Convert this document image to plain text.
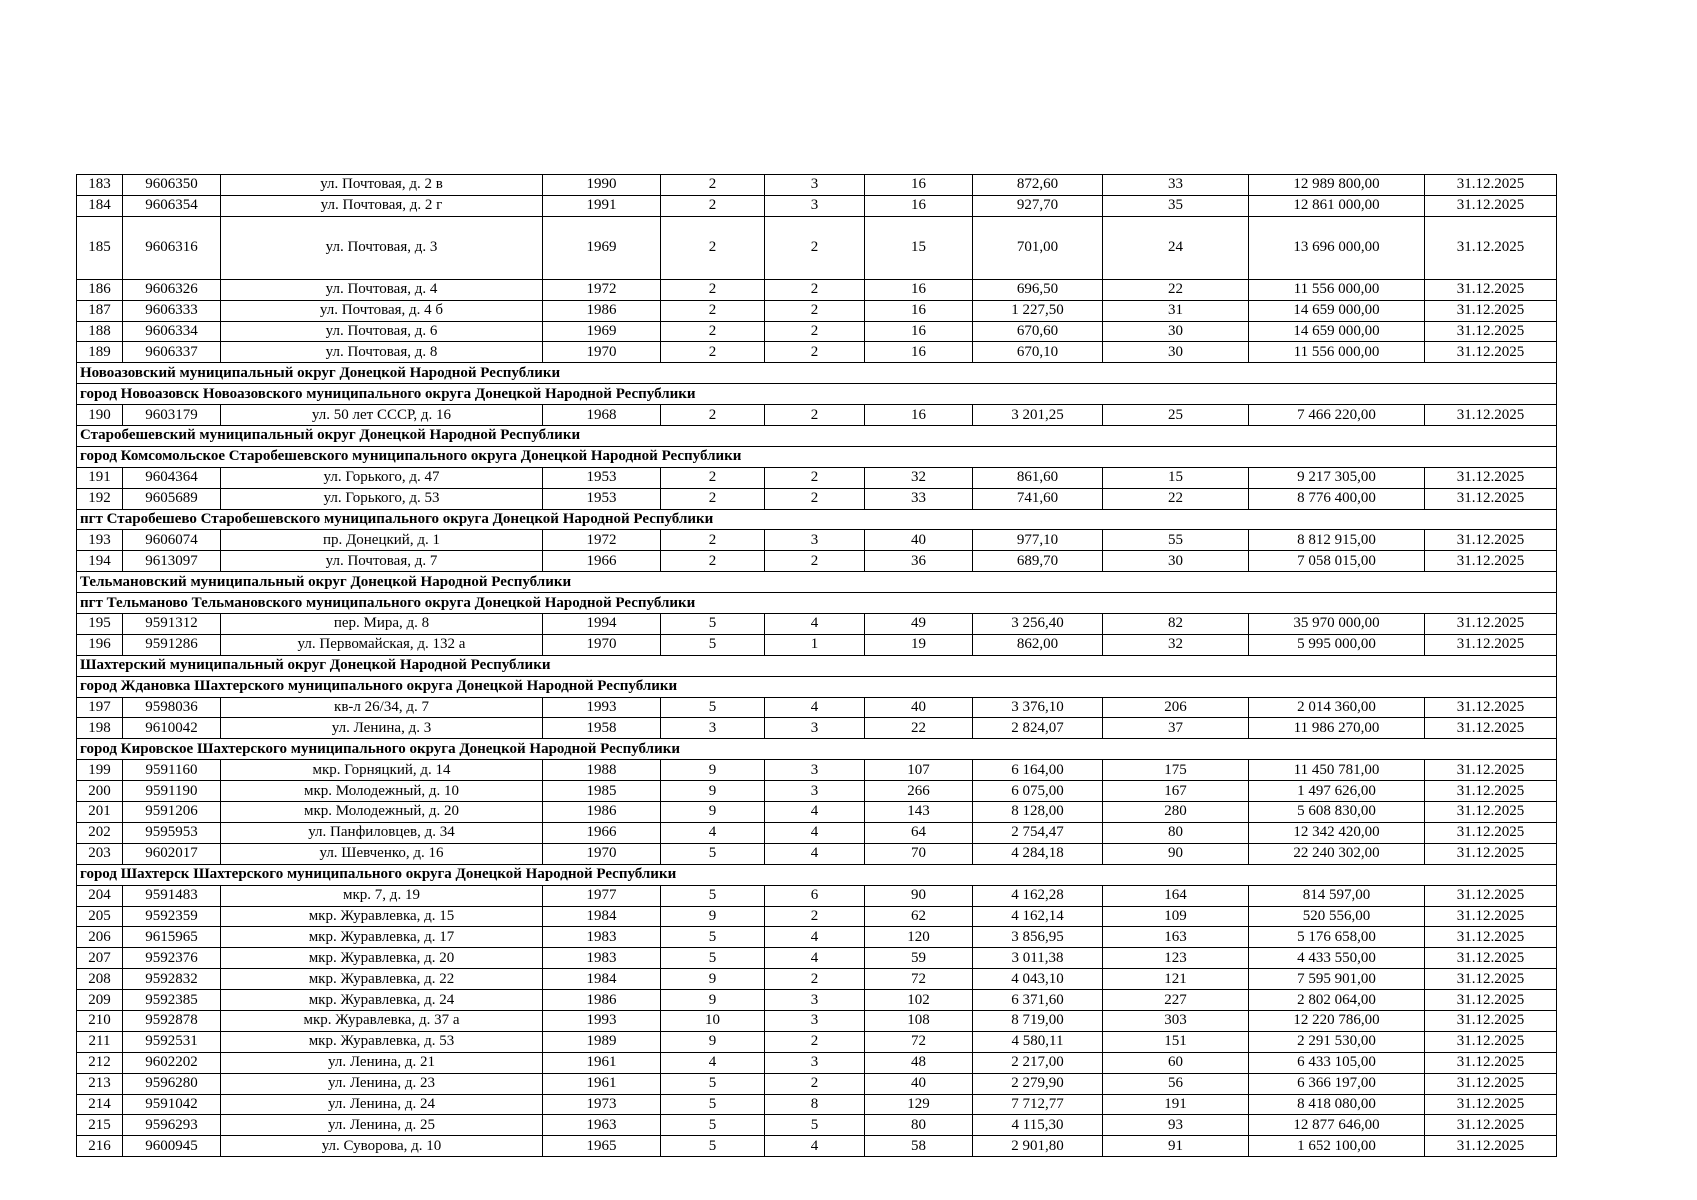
183	9606350	ул. Почтовая, д. 2 в	1990	2	3	16	872,60	33	12 989 800,00	31.12.2025
184	9606354	ул. Почтовая, д. 2 г	1991	2	3	16	927,70	35	12 861 000,00	31.12.2025
185	9606316	ул. Почтовая, д. 3	1969	2	2	15	701,00	24	13 696 000,00	31.12.2025
186	9606326	ул. Почтовая, д. 4	1972	2	2	16	696,50	22	11 556 000,00	31.12.2025
187	9606333	ул. Почтовая, д. 4 б	1986	2	2	16	1 227,50	31	14 659 000,00	31.12.2025
188	9606334	ул. Почтовая, д. 6	1969	2	2	16	670,60	30	14 659 000,00	31.12.2025
189	9606337	ул. Почтовая, д. 8	1970	2	2	16	670,10	30	11 556 000,00	31.12.2025
Новоазовский муниципальный округ Донецкой Народной Республики										
город Новоазовск Новоазовского муниципального округа Донецкой Народной Республики										
190	9603179	ул. 50 лет СССР, д. 16	1968	2	2	16	3 201,25	25	7 466 220,00	31.12.2025
Старобешевский муниципальный округ Донецкой Народной Республики										
город Комсомольское Старобешевского муниципального округа Донецкой Народной Республики										
191	9604364	ул. Горького, д. 47	1953	2	2	32	861,60	15	9 217 305,00	31.12.2025
192	9605689	ул. Горького, д. 53	1953	2	2	33	741,60	22	8 776 400,00	31.12.2025
пгт Старобешево Старобешевского муниципального округа Донецкой Народной Республики										
193	9606074	пр. Донецкий, д. 1	1972	2	3	40	977,10	55	8 812 915,00	31.12.2025
194	9613097	ул. Почтовая, д. 7	1966	2	2	36	689,70	30	7 058 015,00	31.12.2025
Тельмановский муниципальный округ Донецкой Народной Республики										
пгт Тельманово Тельмановского муниципального округа Донецкой Народной Республики										
195	9591312	пер. Мира, д. 8	1994	5	4	49	3 256,40	82	35 970 000,00	31.12.2025
196	9591286	ул. Первомайская, д. 132 а	1970	5	1	19	862,00	32	5 995 000,00	31.12.2025
Шахтерский муниципальный округ Донецкой Народной Республики										
город Ждановка Шахтерского муниципального округа Донецкой Народной Республики										
197	9598036	кв-л 26/34, д. 7	1993	5	4	40	3 376,10	206	2 014 360,00	31.12.2025
198	9610042	ул. Ленина, д. 3	1958	3	3	22	2 824,07	37	11 986 270,00	31.12.2025
город Кировское Шахтерского муниципального округа Донецкой Народной Республики										
199	9591160	мкр. Горняцкий, д. 14	1988	9	3	107	6 164,00	175	11 450 781,00	31.12.2025
200	9591190	мкр. Молодежный, д. 10	1985	9	3	266	6 075,00	167	1 497 626,00	31.12.2025
201	9591206	мкр. Молодежный, д. 20	1986	9	4	143	8 128,00	280	5 608 830,00	31.12.2025
202	9595953	ул. Панфиловцев, д. 34	1966	4	4	64	2 754,47	80	12 342 420,00	31.12.2025
203	9602017	ул. Шевченко, д. 16	1970	5	4	70	4 284,18	90	22 240 302,00	31.12.2025
город Шахтерск Шахтерского муниципального округа Донецкой Народной Республики										
204	9591483	мкр. 7, д. 19	1977	5	6	90	4 162,28	164	814 597,00	31.12.2025
205	9592359	мкр. Журавлевка, д. 15	1984	9	2	62	4 162,14	109	520 556,00	31.12.2025
206	9615965	мкр. Журавлевка, д. 17	1983	5	4	120	3 856,95	163	5 176 658,00	31.12.2025
207	9592376	мкр. Журавлевка, д. 20	1983	5	4	59	3 011,38	123	4 433 550,00	31.12.2025
208	9592832	мкр. Журавлевка, д. 22	1984	9	2	72	4 043,10	121	7 595 901,00	31.12.2025
209	9592385	мкр. Журавлевка, д. 24	1986	9	3	102	6 371,60	227	2 802 064,00	31.12.2025
210	9592878	мкр. Журавлевка, д. 37 а	1993	10	3	108	8 719,00	303	12 220 786,00	31.12.2025
211	9592531	мкр. Журавлевка, д. 53	1989	9	2	72	4 580,11	151	2 291 530,00	31.12.2025
212	9602202	ул. Ленина, д. 21	1961	4	3	48	2 217,00	60	6 433 105,00	31.12.2025
213	9596280	ул. Ленина, д. 23	1961	5	2	40	2 279,90	56	6 366 197,00	31.12.2025
214	9591042	ул. Ленина, д. 24	1973	5	8	129	7 712,77	191	8 418 080,00	31.12.2025
215	9596293	ул. Ленина, д. 25	1963	5	5	80	4 115,30	93	12 877 646,00	31.12.2025
216	9600945	ул. Суворова, д. 10	1965	5	4	58	2 901,80	91	1 652 100,00	31.12.2025
